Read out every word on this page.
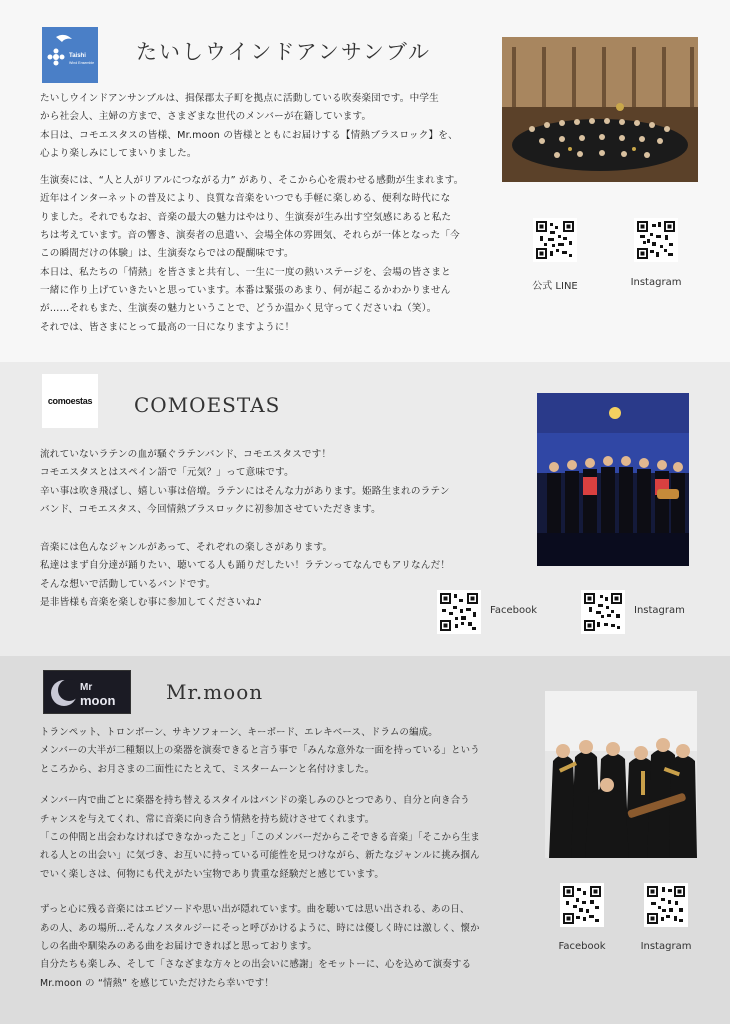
Taishi
Wind Ensemble たいしウインドアンサンブル

たいしウインドアンサンブルは、揖保郡太子町を拠点に活動している吹奏楽団です。中学生

から社会人、主婦の方まで、さまざまな世代のメンバーが在籍しています。

本日は、コモエスタスの皆様、Mr.moon の皆様とともにお届けする【情熱ブラスロック】を、

心より楽しみにしてまいりました。

生演奏には、“人と人がリアルにつながる力” があり、そこから心を震わせる感動が生まれます。

近年はインターネットの普及により、良質な音楽をいつでも手軽に楽しめる、便利な時代にな

りました。それでもなお、音楽の最大の魅力はやはり、生演奏が生み出す空気感にあると私た

ちは考えています。音の響き、演奏者の息遣い、会場全体の雰囲気、それらが一体となった「今

この瞬間だけの体験」は、生演奏ならではの醍醐味です。

本日は、私たちの「情熱」を皆さまと共有し、一生に一度の熱いステージを、会場の皆さまと

一緒に作り上げていきたいと思っています。本番は緊張のあまり、何が起こるかわかりません

が……それもまた、生演奏の魅力ということで、どうか温かく見守ってくださいね（笑）。

それでは、皆さまにとって最高の一日になりますように！

公式 LINE	Instagram
comoestas COMOESTAS

流れていないラテンの血が騒ぐラテンバンド、コモエスタスです！

コモエスタスとはスペイン語で「元気？」って意味です。

辛い事は吹き飛ばし、嬉しい事は倍増。ラテンにはそんな力があります。姫路生まれのラテン

バンド、コモエスタス、今回情熱ブラスロックに初参加させていただきます。

音楽には色んなジャンルがあって、それぞれの楽しさがあります。

私達はまず自分達が踊りたい、聴いてる人も踊りだしたい！ラテンってなんでもアリなんだ！

そんな想いで活動しているバンドです。

是非皆様も音楽を楽しむ事に参加してくださいね♪

Facebook	Instagram
Mr
moon	Mr.moon

トランペット、トロンボーン、サキソフォーン、キーボード、エレキベース、ドラムの編成。

メンバーの大半が二種類以上の楽器を演奏できると言う事で「みんな意外な一面を持っている」という

ところから、お月さまの二面性にたとえて、ミスタームーンと名付けました。

メンバー内で曲ごとに楽器を持ち替えるスタイルはバンドの楽しみのひとつであり、自分と向き合う

チャンスを与えてくれ、常に音楽に向き合う情熱を持ち続けさせてくれます。

「この仲間と出会わなければできなかったこと」「このメンバーだからこそできる音楽」「そこから生ま

れる人との出会い」に気づき、お互いに持っている可能性を見つけながら、新たなジャンルに挑み掴ん

でいく楽しさは、何物にも代えがたい宝物であり貴重な経験だと感じています。

ずっと心に残る音楽にはエピソードや思い出が隠れています。曲を聴いては思い出される、あの日、

あの人、あの場所…そんなノスタルジーにそっと呼びかけるように、時には優しく時には激しく、懐か

しの名曲や馴染みのある曲をお届けできればと思っております。

自分たちも楽しみ、そして「さなざまな方々との出会いに感謝」をモットーに、心を込めて演奏する

Mr.moon の “情熱” を感じていただけたら幸いです！

Facebook	Instagram
